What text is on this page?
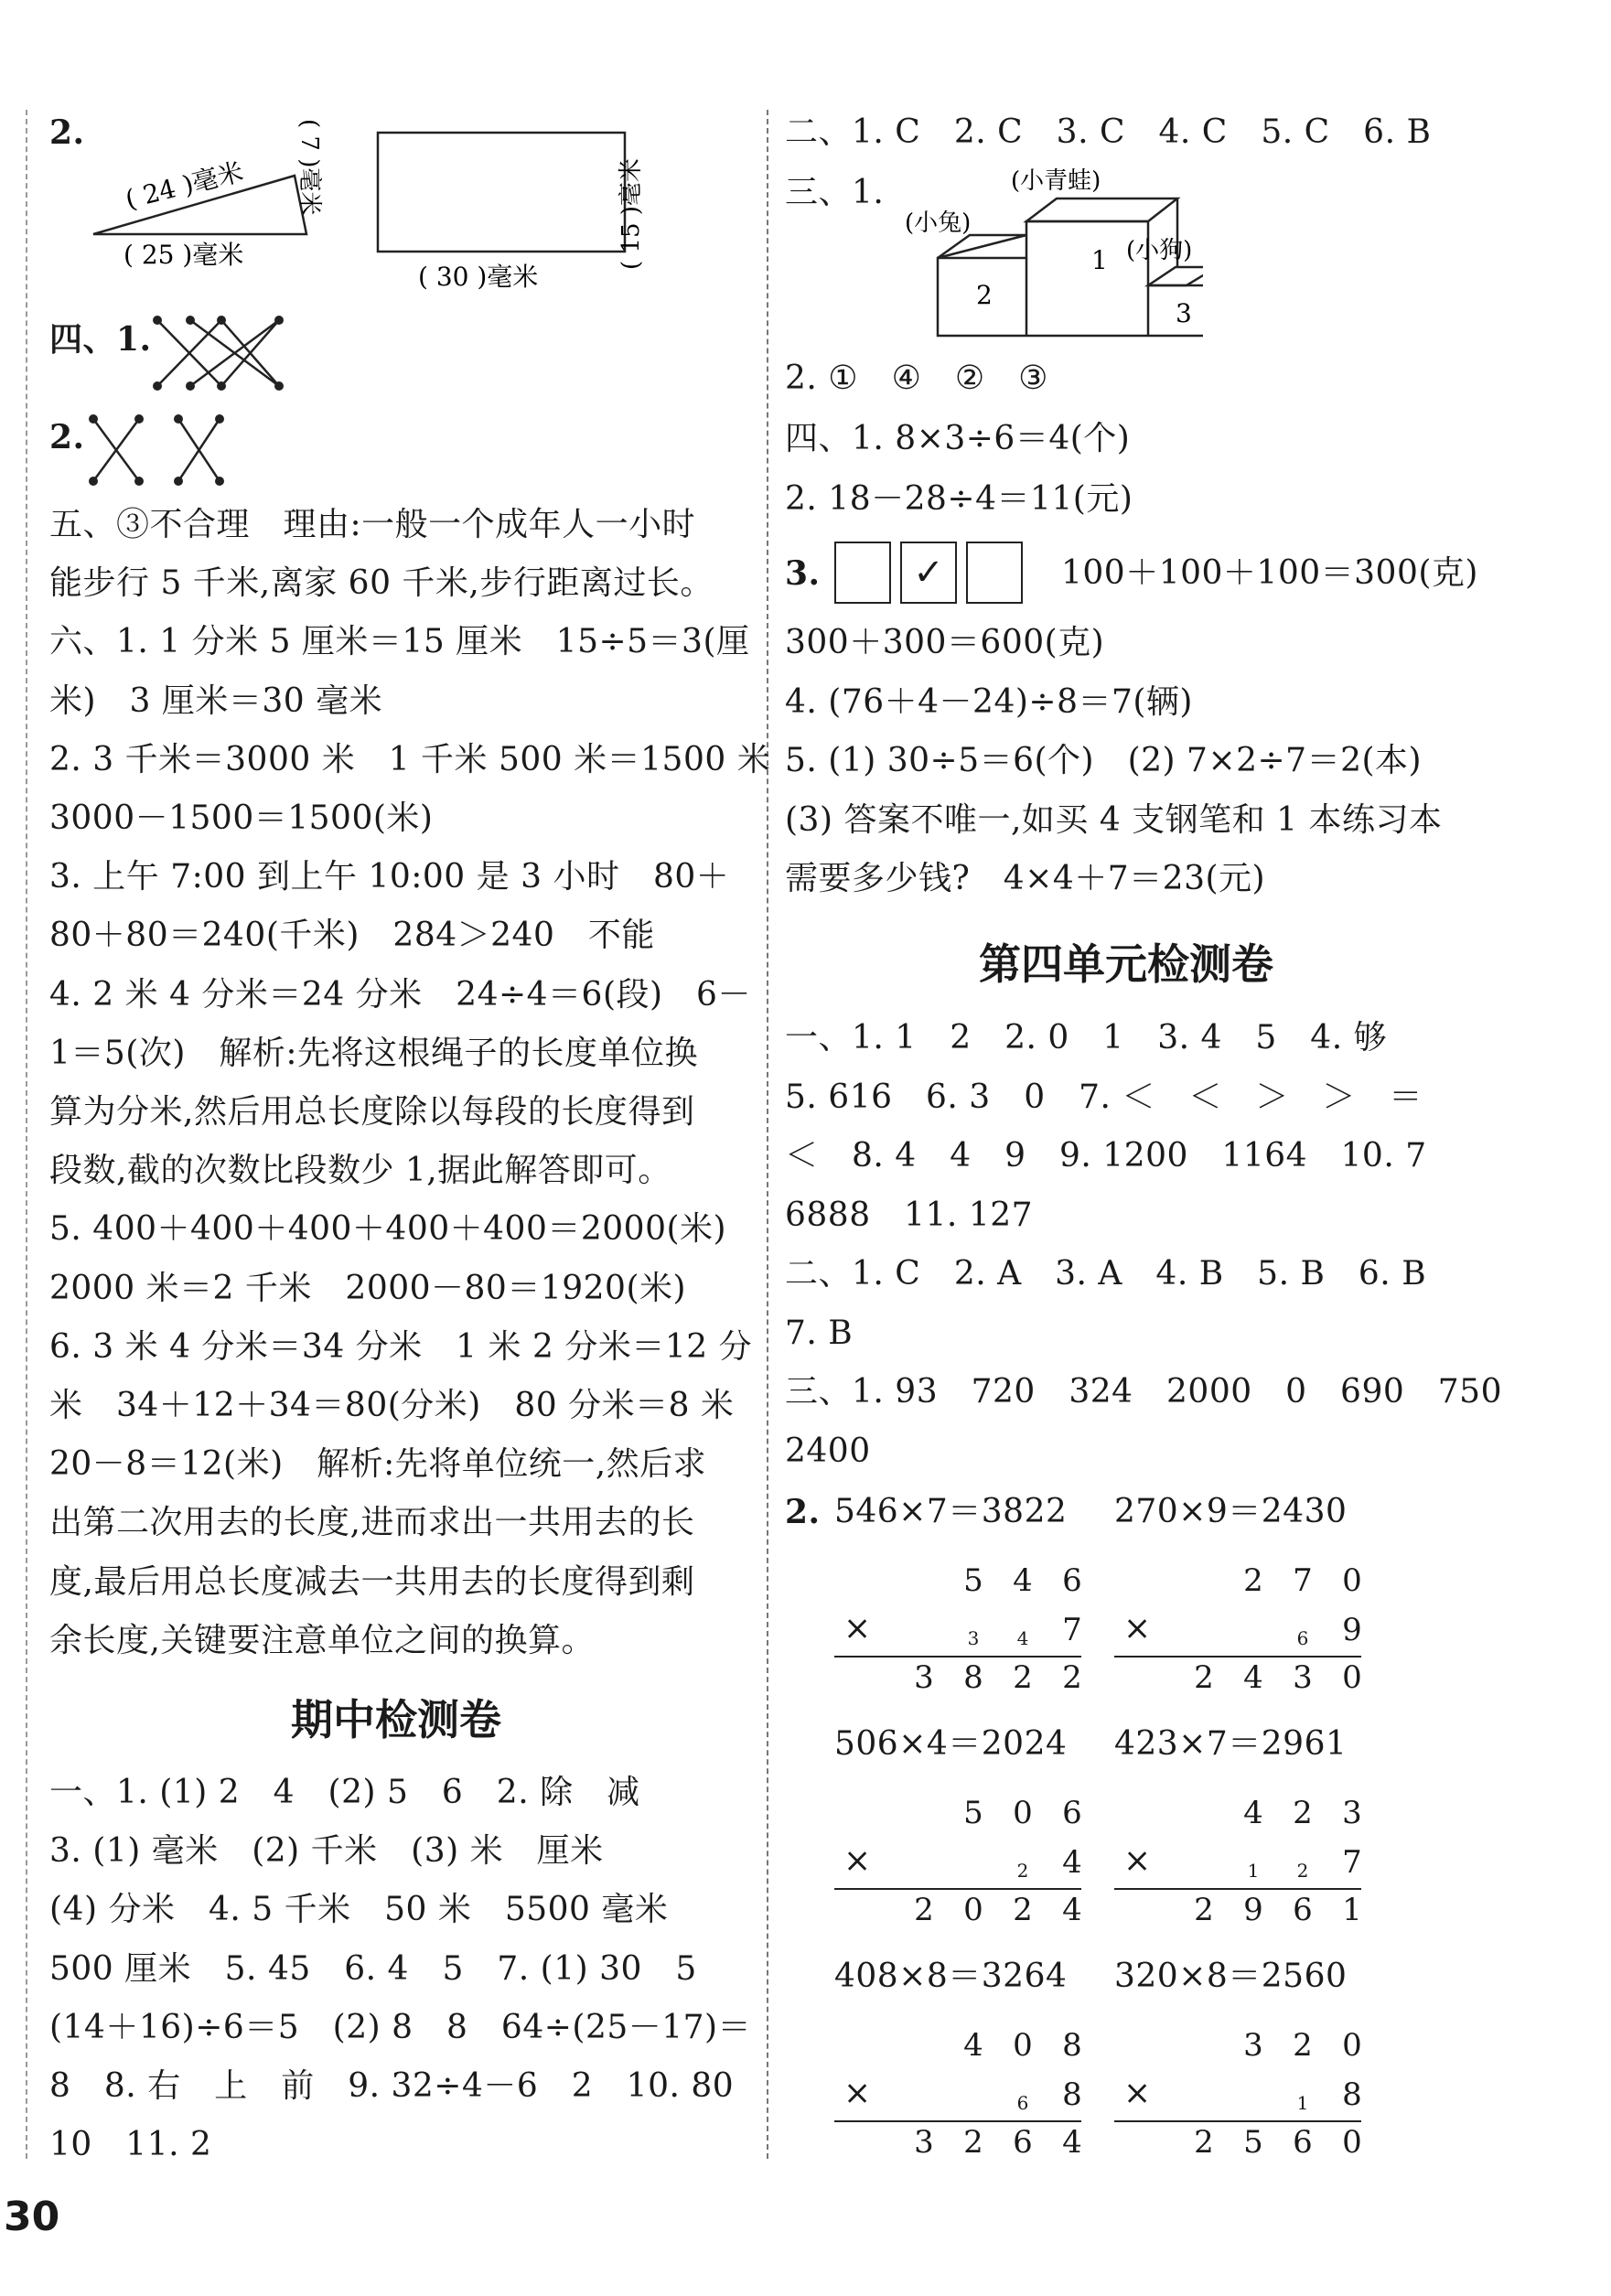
2.
( 24 )毫米
( 25 )毫米
( 7 )毫米
( 30 )毫米
( 15 )毫米
四、1.
2.
五、③不合理　理由:一般一个成年人一小时
能步行 5 千米,离家 60 千米,步行距离过长。
六、1. 1 分米 5 厘米＝15 厘米　15÷5＝3(厘
米)　3 厘米＝30 毫米
2. 3 千米＝3000 米　1 千米 500 米＝1500 米
3000－1500＝1500(米)
3. 上午 7:00 到上午 10:00 是 3 小时　80＋
80＋80＝240(千米)　284＞240　不能
4. 2 米 4 分米＝24 分米　24÷4＝6(段)　6－
1＝5(次)　解析:先将这根绳子的长度单位换
算为分米,然后用总长度除以每段的长度得到
段数,截的次数比段数少 1,据此解答即可。
5. 400＋400＋400＋400＋400＝2000(米)
2000 米＝2 千米　2000－80＝1920(米)
6. 3 米 4 分米＝34 分米　1 米 2 分米＝12 分
米　34＋12＋34＝80(分米)　80 分米＝8 米
20－8＝12(米)　解析:先将单位统一,然后求
出第二次用去的长度,进而求出一共用去的长
度,最后用总长度减去一共用去的长度得到剩
余长度,关键要注意单位之间的换算。
期中检测卷
一、1. (1) 2　4　(2) 5　6　2. 除　减
3. (1) 毫米　(2) 千米　(3) 米　厘米
(4) 分米　4. 5 千米　50 米　5500 毫米
500 厘米　5. 45　6. 4　5　7. (1) 30　5
(14＋16)÷6＝5　(2) 8　8　64÷(25－17)＝
8　8. 右　上　前　9. 32÷4－6　2　10. 80
10　11. 2
30
二、1. C　2. C　3. C　4. C　5. C　6. B
三、1.	(小青蛙)
(小兔)
(小狗)
1
2
3
2. ①　④　②　③
四、1. 8×3÷6＝4(个)
2. 18－28÷4＝11(元)
3.	✓	100＋100＋100＝300(克)
300＋300＝600(克)
4. (76＋4－24)÷8＝7(辆)
5. (1) 30÷5＝6(个)　(2) 7×2÷7＝2(本)
(3) 答案不唯一,如买 4 支钢笔和 1 本练习本
需要多少钱?　4×4＋7＝23(元)
第四单元检测卷
一、1. 1　2　2. 0　1　3. 4　5　4. 够
5. 616　6. 3　0　7. ＜　＜　＞　＞　＝
＜　8. 4　4　9　9. 1200　1164　10. 7
6888　11. 127
二、1. C　2. A　3. A　4. B　5. B　6. B
7. B
三、1. 93　720　324　2000　0　690　750
2400
2. 546×7＝3822
5 4 6
×	7
3	4
3 8 2 2
270×9＝2430
2 7 0
×	9
6
2 4 3 0
506×4＝2024
5 0 6
×	4
2
2 0 2 4
423×7＝2961
4 2 3
×	7
1	2
2 9 6 1
408×8＝3264
4 0 8
×	8
6
3 2 6 4
320×8＝2560
3 2 0
×	8
1
2 5 6 0
